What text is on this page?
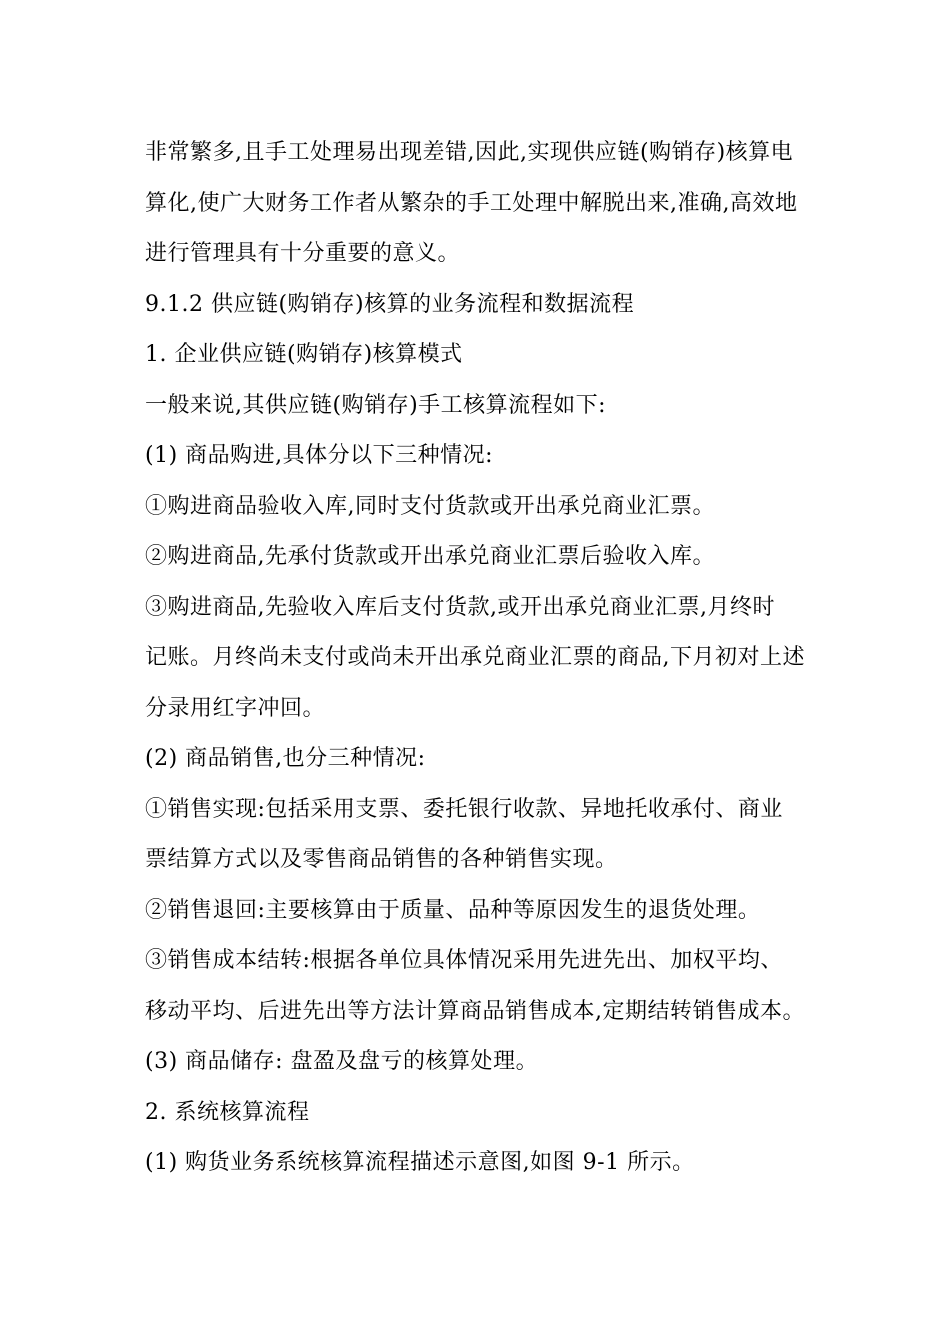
非常繁多,且手工处理易出现差错,因此,实现供应链(购销存)核算电
算化,使广大财务工作者从繁杂的手工处理中解脱出来,准确,高效地
进行管理具有十分重要的意义。
9.1.2 供应链(购销存)核算的业务流程和数据流程
1. 企业供应链(购销存)核算模式
一般来说,其供应链(购销存)手工核算流程如下:
(1) 商品购进,具体分以下三种情况:
①购进商品验收入库,同时支付货款或开出承兑商业汇票。
②购进商品,先承付货款或开出承兑商业汇票后验收入库。
③购进商品,先验收入库后支付货款,或开出承兑商业汇票,月终时
记账。月终尚未支付或尚未开出承兑商业汇票的商品,下月初对上述
分录用红字冲回。
(2) 商品销售,也分三种情况:
①销售实现:包括采用支票、委托银行收款、异地托收承付、商业
票结算方式以及零售商品销售的各种销售实现。
②销售退回:主要核算由于质量、品种等原因发生的退货处理。
③销售成本结转:根据各单位具体情况采用先进先出、加权平均、
移动平均、后进先出等方法计算商品销售成本,定期结转销售成本。
(3) 商品储存: 盘盈及盘亏的核算处理。
2. 系统核算流程
(1) 购货业务系统核算流程描述示意图,如图 9-1 所示。
